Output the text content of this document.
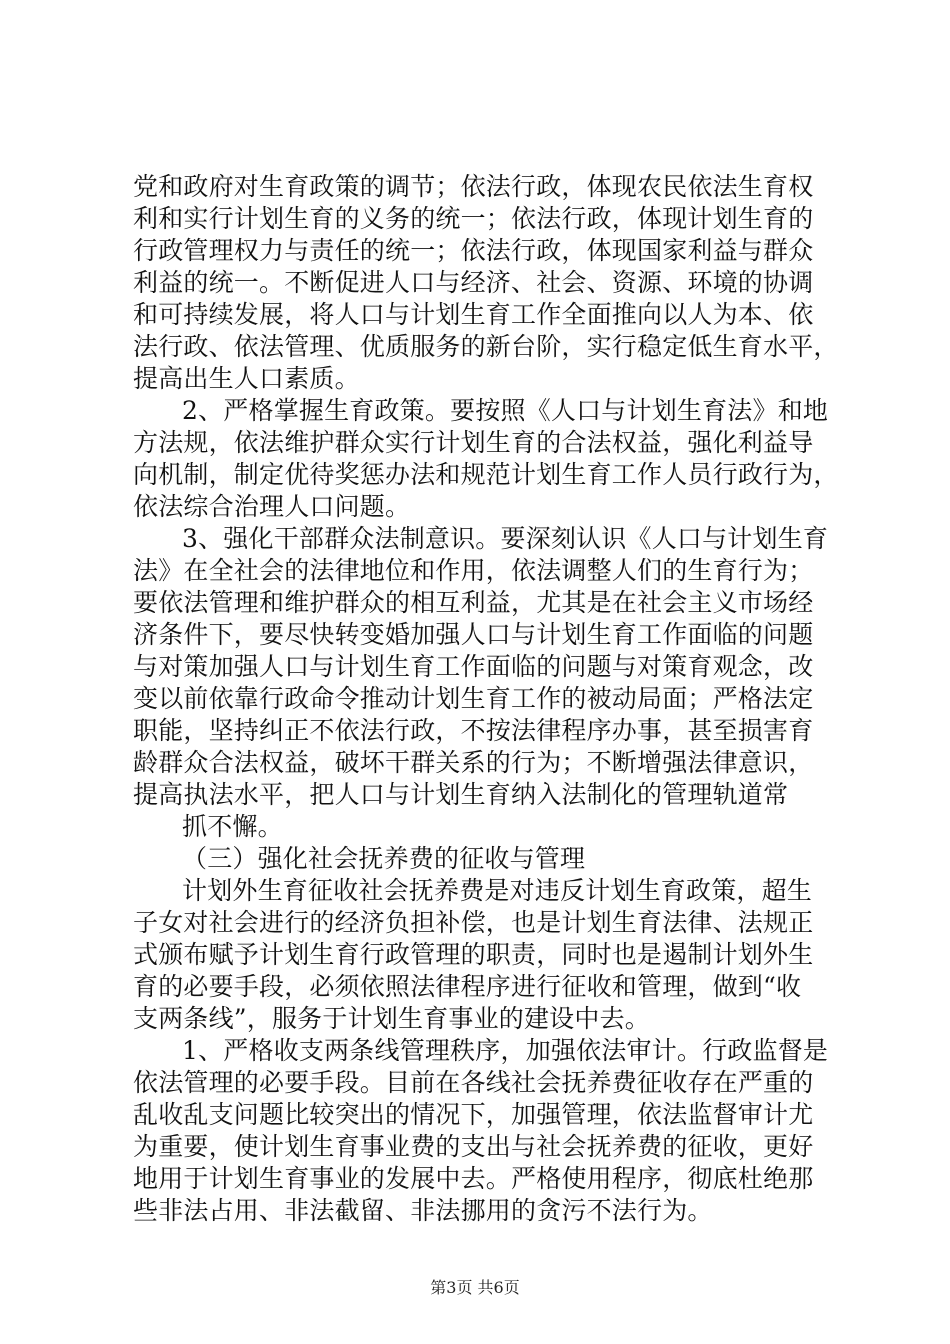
党和政府对生育政策的调节；依法行政，体现农民依法生育权
利和实行计划生育的义务的统一；依法行政，体现计划生育的
行政管理权力与责任的统一；依法行政，体现国家利益与群众
利益的统一。不断促进人口与经济、社会、资源、环境的协调
和可持续发展，将人口与计划生育工作全面推向以人为本、依
法行政、依法管理、优质服务的新台阶，实行稳定低生育水平，
提高出生人口素质。
2、严格掌握生育政策。要按照《人口与计划生育法》和地
方法规，依法维护群众实行计划生育的合法权益，强化利益导
向机制，制定优待奖惩办法和规范计划生育工作人员行政行为，
依法综合治理人口问题。
3、强化干部群众法制意识。要深刻认识《人口与计划生育
法》在全社会的法律地位和作用，依法调整人们的生育行为；
要依法管理和维护群众的相互利益，尤其是在社会主义市场经
济条件下，要尽快转变婚加强人口与计划生育工作面临的问题
与对策加强人口与计划生育工作面临的问题与对策育观念，改
变以前依靠行政命令推动计划生育工作的被动局面；严格法定
职能，坚持纠正不依法行政，不按法律程序办事，甚至损害育
龄群众合法权益，破坏干群关系的行为；不断增强法律意识，
提高执法水平，把人口与计划生育纳入法制化的管理轨道常
抓不懈。
（三）强化社会抚养费的征收与管理
计划外生育征收社会抚养费是对违反计划生育政策，超生
子女对社会进行的经济负担补偿，也是计划生育法律、法规正
式颁布赋予计划生育行政管理的职责，同时也是遏制计划外生
育的必要手段，必须依照法律程序进行征收和管理，做到“收
支两条线”，服务于计划生育事业的建设中去。
1、严格收支两条线管理秩序，加强依法审计。行政监督是
依法管理的必要手段。目前在各线社会抚养费征收存在严重的
乱收乱支问题比较突出的情况下，加强管理，依法监督审计尤
为重要，使计划生育事业费的支出与社会抚养费的征收，更好
地用于计划生育事业的发展中去。严格使用程序，彻底杜绝那
些非法占用、非法截留、非法挪用的贪污不法行为。
第3页 共6页
